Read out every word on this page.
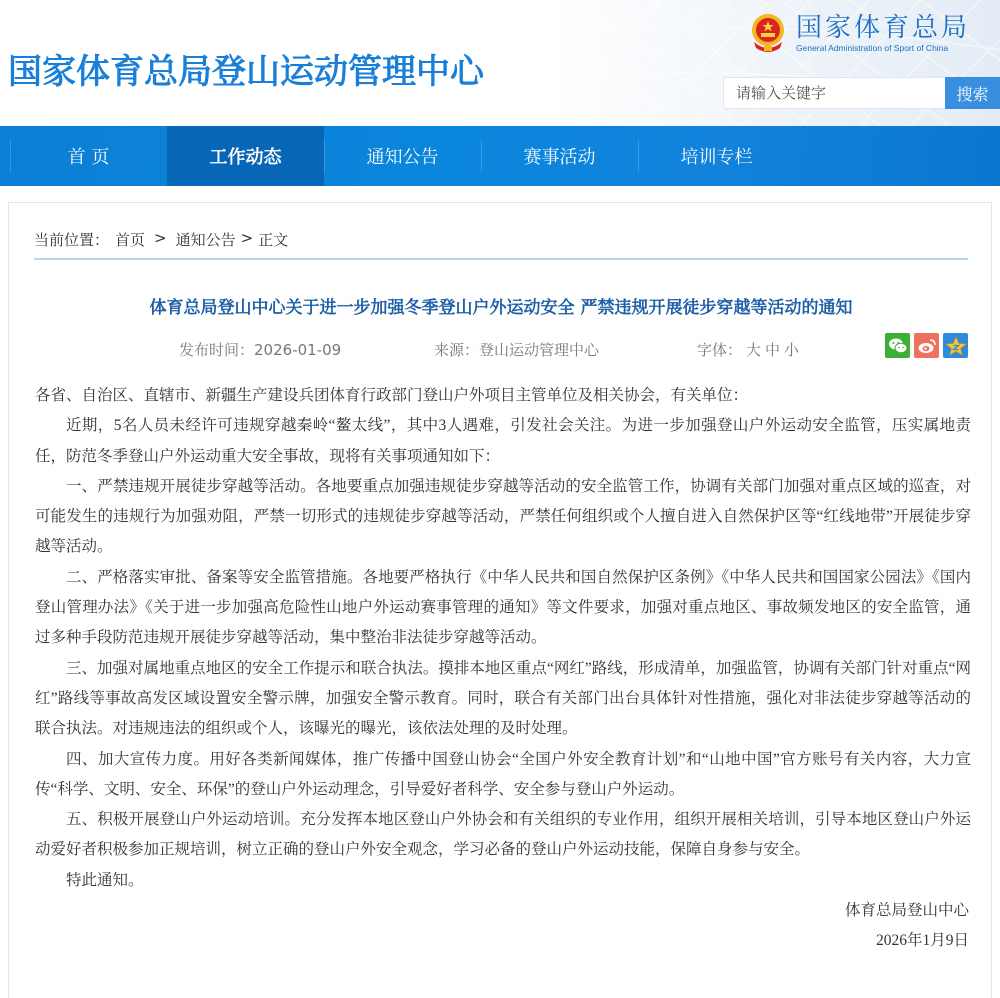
国家体育总局登山运动管理中心
国家体育总局
General Administration of Sport of China
请输入关键字
搜索
首 页	工作动态	通知公告	赛事活动	培训专栏
当前位置： 首页 > 通知公告 > 正文
体育总局登山中心关于进一步加强冬季登山户外运动安全 严禁违规开展徒步穿越等活动的通知
发布时间：2026-01-09	来源：登山运动管理中心	字体： 大 中 小

各省、自治区、直辖市、新疆生产建设兵团体育行政部门登山户外项目主管单位及相关协会，有关单位：

近期，5名人员未经许可违规穿越秦岭“鳌太线”，其中3人遇难，引发社会关注。为进一步加强登山户外运动安全监管，压实属地责任，防范冬季登山户外运动重大安全事故，现将有关事项通知如下：

一、严禁违规开展徒步穿越等活动。各地要重点加强违规徒步穿越等活动的安全监管工作，协调有关部门加强对重点区域的巡查，对可能发生的违规行为加强劝阻，严禁一切形式的违规徒步穿越等活动，严禁任何组织或个人擅自进入自然保护区等“红线地带”开展徒步穿越等活动。

二、严格落实审批、备案等安全监管措施。各地要严格执行《中华人民共和国自然保护区条例》《中华人民共和国国家公园法》《国内登山管理办法》《关于进一步加强高危险性山地户外运动赛事管理的通知》等文件要求，加强对重点地区、事故频发地区的安全监管，通过多种手段防范违规开展徒步穿越等活动，集中整治非法徒步穿越等活动。

三、加强对属地重点地区的安全工作提示和联合执法。摸排本地区重点“网红”路线，形成清单，加强监管，协调有关部门针对重点“网红”路线等事故高发区域设置安全警示牌，加强安全警示教育。同时，联合有关部门出台具体针对性措施，强化对非法徒步穿越等活动的联合执法。对违规违法的组织或个人，该曝光的曝光，该依法处理的及时处理。

四、加大宣传力度。用好各类新闻媒体，推广传播中国登山协会“全国户外安全教育计划”和“山地中国”官方账号有关内容，大力宣传“科学、文明、安全、环保”的登山户外运动理念，引导爱好者科学、安全参与登山户外运动。

五、积极开展登山户外运动培训。充分发挥本地区登山户外协会和有关组织的专业作用，组织开展相关培训，引导本地区登山户外运动爱好者积极参加正规培训，树立正确的登山户外安全观念，学习必备的登山户外运动技能，保障自身参与安全。

特此通知。

体育总局登山中心

2026年1月9日
